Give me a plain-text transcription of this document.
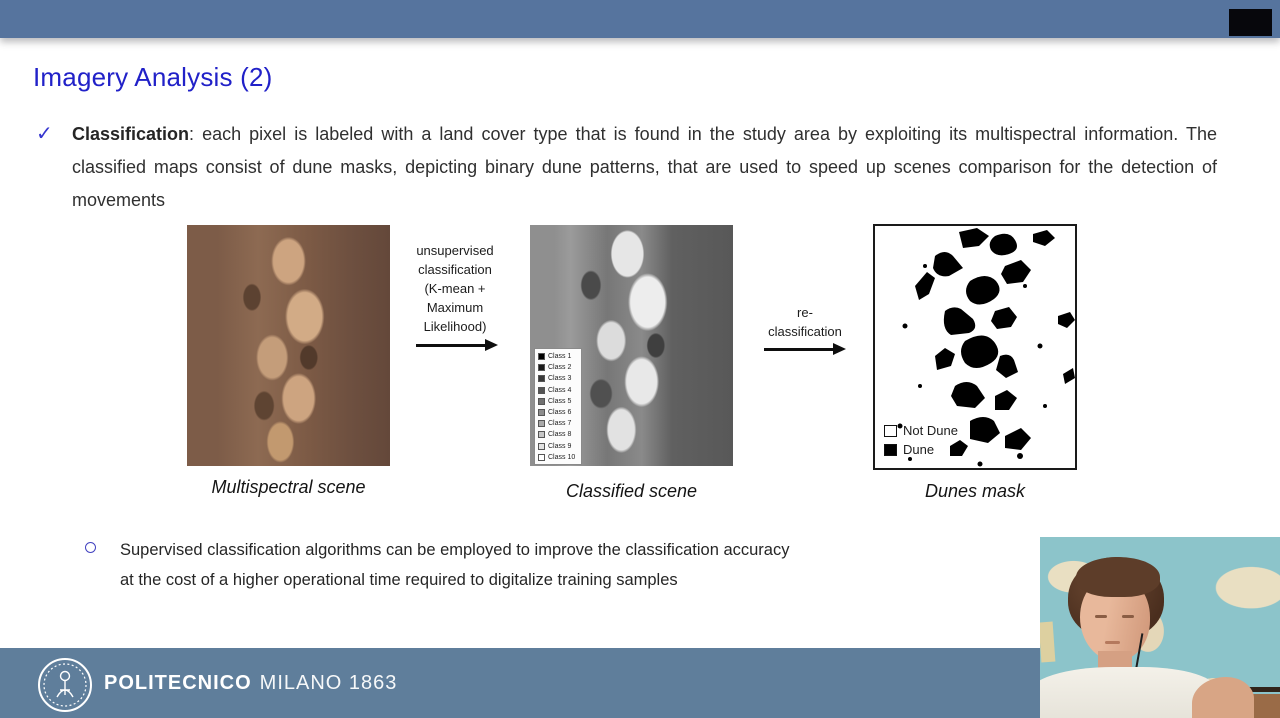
Imagery Analysis (2)
✓ Classification: each pixel is labeled with a land cover type that is found in the study area by exploiting its multispectral information. The classified maps consist of dune masks, depicting binary dune patterns, that are used to speed up scenes comparison for the detection of movements
unsupervised
classification
(K-mean +
Maximum
Likelihood)
Class 1
Class 2
Class 3
Class 4
Class 5
Class 6
Class 7
Class 8
Class 9
Class 10
re-
classification
Not Dune
Dune
Multispectral scene	Classified scene	Dunes mask
Supervised classification algorithms can be employed to improve the classification accuracy
at the cost of a higher operational time required to digitalize training samples
POLITECNICO MILANO 1863
